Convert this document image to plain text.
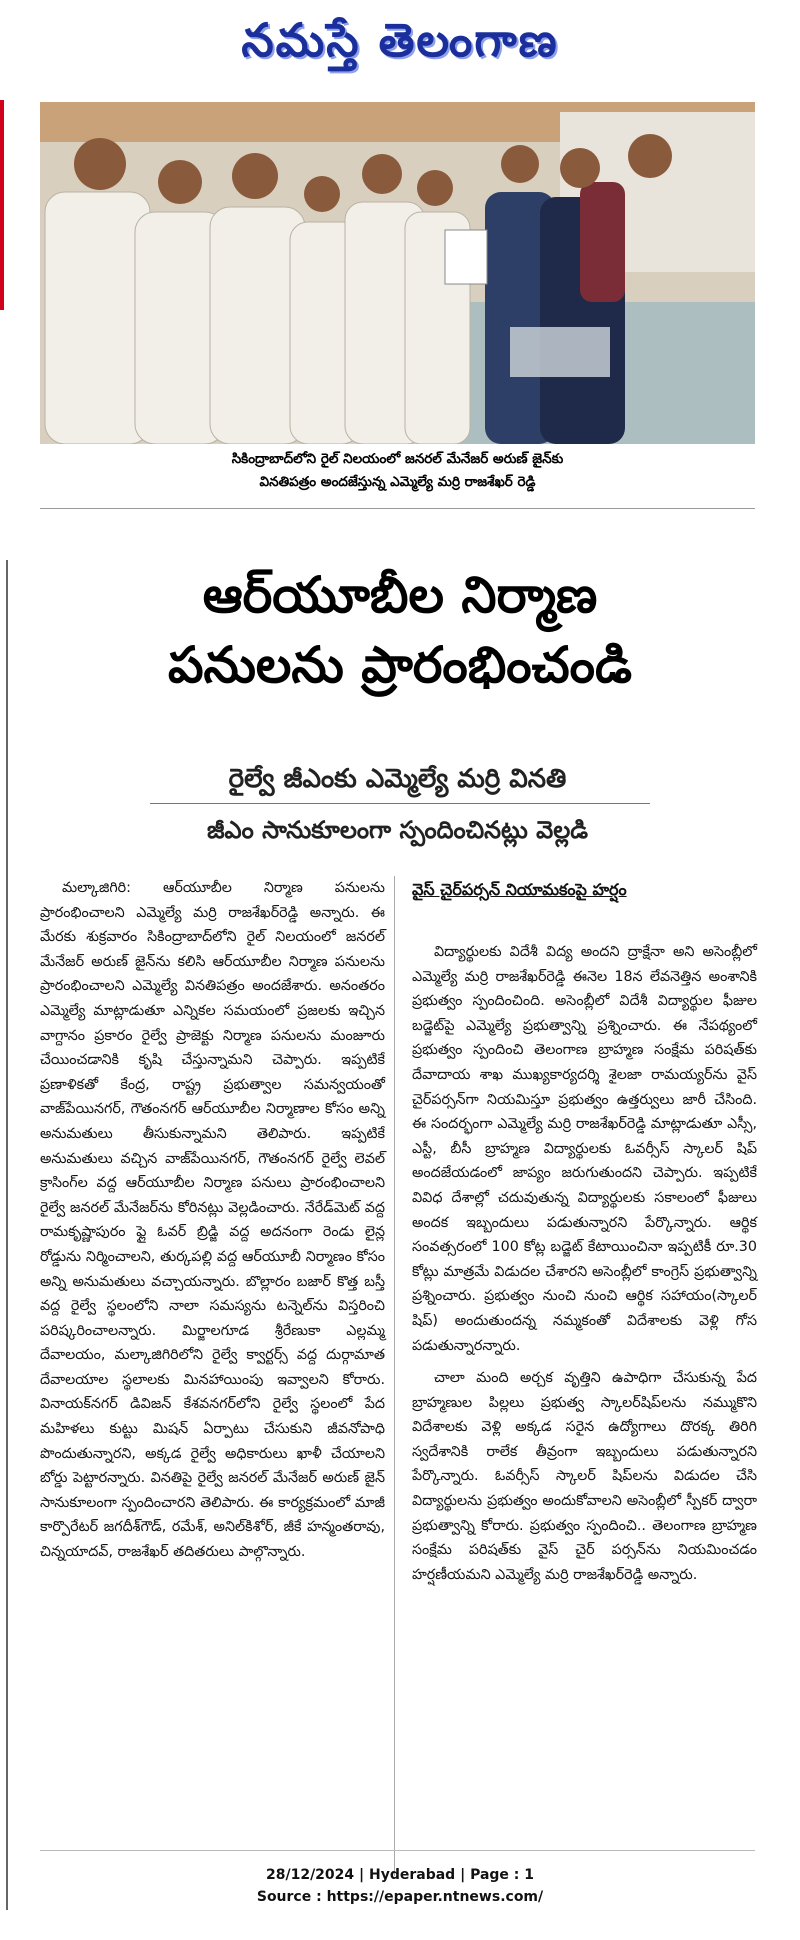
నమస్తే తెలంగాణ
సికింద్రాబాద్‌లోని రైల్ నిలయంలో జనరల్ మేనేజర్ అరుణ్ జైన్‌కు
వినతిపత్రం అందజేస్తున్న ఎమ్మెల్యే మర్రి రాజశేఖర్ రెడ్డి
ఆర్‌యూబీల నిర్మాణ
పనులను ప్రారంభించండి
రైల్వే జీఎంకు ఎమ్మెల్యే మర్రి వినతి
జీఎం సానుకూలంగా స్పందించినట్లు వెల్లడి

మల్కాజిగిరి: ఆర్‌యూబీల నిర్మాణ పనులను ప్రారంభించాలని ఎమ్మెల్యే మర్రి రాజశేఖర్‌రెడ్డి అన్నారు. ఈ మేరకు శుక్రవారం సికింద్రాబాద్‌లోని రైల్ నిలయంలో జనరల్ మేనేజర్ అరుణ్ జైన్‌ను కలిసి ఆర్‌యూబీల నిర్మాణ పనులను ప్రారంభించాలని ఎమ్మెల్యే వినతిపత్రం అందజేశారు. అనంతరం ఎమ్మెల్యే మాట్లాడుతూ ఎన్నికల సమయంలో ప్రజలకు ఇచ్చిన వాగ్దానం ప్రకారం రైల్వే ప్రాజెక్టు నిర్మాణ పనులను మంజూరు చేయించడానికి కృషి చేస్తున్నామని చెప్పారు. ఇప్పటికే ప్రణాళికతో కేంద్ర, రాష్ట్ర ప్రభుత్వాల సమన్వయంతో వాజ్‌పేయినగర్, గౌతంనగర్ ఆర్‌యూబీల నిర్మాణాల కోసం అన్ని అనుమతులు తీసుకున్నామని తెలిపారు. ఇప్పటికే అనుమతులు వచ్చిన వాజ్‌పేయినగర్, గౌతంనగర్ రైల్వే లెవల్ క్రాసింగ్‌ల వద్ద ఆర్‌యూబీల నిర్మాణ పనులు ప్రారంభించాలని రైల్వే జనరల్ మేనేజర్‌ను కోరినట్లు వెల్లడించారు. నేరేడ్‌మెట్ వద్ద రామకృష్ణాపురం ఫ్లై ఓవర్ బ్రిడ్జి వద్ద అదనంగా రెండు లైన్ల రోడ్డును నిర్మించాలని, తుర్కపల్లి వద్ద ఆర్‌యూబీ నిర్మాణం కోసం అన్ని అనుమతులు వచ్చాయన్నారు. బొల్లారం బజార్ కొత్త బస్తీ వద్ద రైల్వే స్థలంలోని నాలా సమస్యను టన్నెల్‌ను విస్తరించి పరిష్కరించాలన్నారు. మిర్జాలగూడ శ్రీరేణుకా ఎల్లమ్మ దేవాలయం, మల్కాజిగిరిలోని రైల్వే క్వార్టర్స్ వద్ద దుర్గామాత దేవాలయాల స్థలాలకు మినహాయింపు ఇవ్వాలని కోరారు. వినాయక్‌నగర్ డివిజన్ కేశవనగర్‌లోని రైల్వే స్థలంలో పేద మహిళలు కుట్టు మిషన్ ఏర్పాటు చేసుకుని జీవనోపాధి పొందుతున్నారని, అక్కడ రైల్వే అధికారులు ఖాళీ చేయాలని బోర్డు పెట్టారన్నారు. వినతిపై రైల్వే జనరల్ మేనేజర్ అరుణ్ జైన్ సానుకూలంగా స్పందించారని తెలిపారు. ఈ కార్యక్రమంలో మాజీ కార్పొరేటర్ జగదీశ్‌గౌడ్, రమేశ్, అనిల్‌కిశోర్, జీకే హన్మంతరావు, చిన్నయాదవ్, రాజశేఖర్ తదితరులు పాల్గొన్నారు.

వైస్ చైర్‌పర్సన్ నియామకంపై హర్షం

విద్యార్థులకు విదేశీ విద్య అందని ద్రాక్షేనా అని అసెంబ్లీలో ఎమ్మెల్యే మర్రి రాజశేఖర్‌రెడ్డి ఈనెల 18న లేవనెత్తిన అంశానికి ప్రభుత్వం స్పందించింది. అసెంబ్లీలో విదేశీ విద్యార్థుల ఫీజుల బడ్జెట్‌పై ఎమ్మెల్యే ప్రభుత్వాన్ని ప్రశ్నించారు. ఈ నేపథ్యంలో ప్రభుత్వం స్పందించి తెలంగాణ బ్రాహ్మణ సంక్షేమ పరిషత్‌కు దేవాదాయ శాఖ ముఖ్యకార్యదర్శి శైలజా రామయ్యర్‌ను వైస్ చైర్‌పర్సన్‌గా నియమిస్తూ ప్రభుత్వం ఉత్తర్వులు జారీ చేసింది. ఈ సందర్భంగా ఎమ్మెల్యే మర్రి రాజశేఖర్‌రెడ్డి మాట్లాడుతూ ఎస్సీ, ఎస్టీ, బీసీ బ్రాహ్మణ విద్యార్థులకు ఓవర్సీస్ స్కాలర్ షిప్ అందజేయడంలో జాప్యం జరుగుతుందని చెప్పారు. ఇప్పటికే వివిధ దేశాల్లో చదువుతున్న విద్యార్థులకు సకాలంలో ఫీజులు అందక ఇబ్బందులు పడుతున్నారని పేర్కొన్నారు. ఆర్థిక సంవత్సరంలో 100 కోట్ల బడ్జెట్ కేటాయించినా ఇప్పటికీ రూ.30 కోట్లు మాత్రమే విడుదల చేశారని అసెంబ్లీలో కాంగ్రెస్ ప్రభుత్వాన్ని ప్రశ్నించారు. ప్రభుత్వం నుంచి నుంచి ఆర్థిక సహాయం(స్కాలర్ షిప్) అందుతుందన్న నమ్మకంతో విదేశాలకు వెళ్లి గోస పడుతున్నారన్నారు.

చాలా మంది అర్చక వృత్తిని ఉపాధిగా చేసుకున్న పేద బ్రాహ్మణుల పిల్లలు ప్రభుత్వ స్కాలర్‌షిప్‌లను నమ్ముకొని విదేశాలకు వెళ్లి అక్కడ సరైన ఉద్యోగాలు దొరక్క తిరిగి స్వదేశానికి రాలేక తీవ్రంగా ఇబ్బందులు పడుతున్నారని పేర్కొన్నారు. ఓవర్సీస్ స్కాలర్ షిప్‌లను విడుదల చేసి విద్యార్థులను ప్రభుత్వం అందుకోవాలని అసెంబ్లీలో స్పీకర్ ద్వారా ప్రభుత్వాన్ని కోరారు. ప్రభుత్వం స్పందించి.. తెలంగాణ బ్రాహ్మణ సంక్షేమ పరిషత్‌కు వైస్ చైర్ పర్సన్‌ను నియమించడం హర్షణీయమని ఎమ్మెల్యే మర్రి రాజశేఖర్‌రెడ్డి అన్నారు.

28/12/2024 | Hyderabad | Page : 1
Source : https://epaper.ntnews.com/
